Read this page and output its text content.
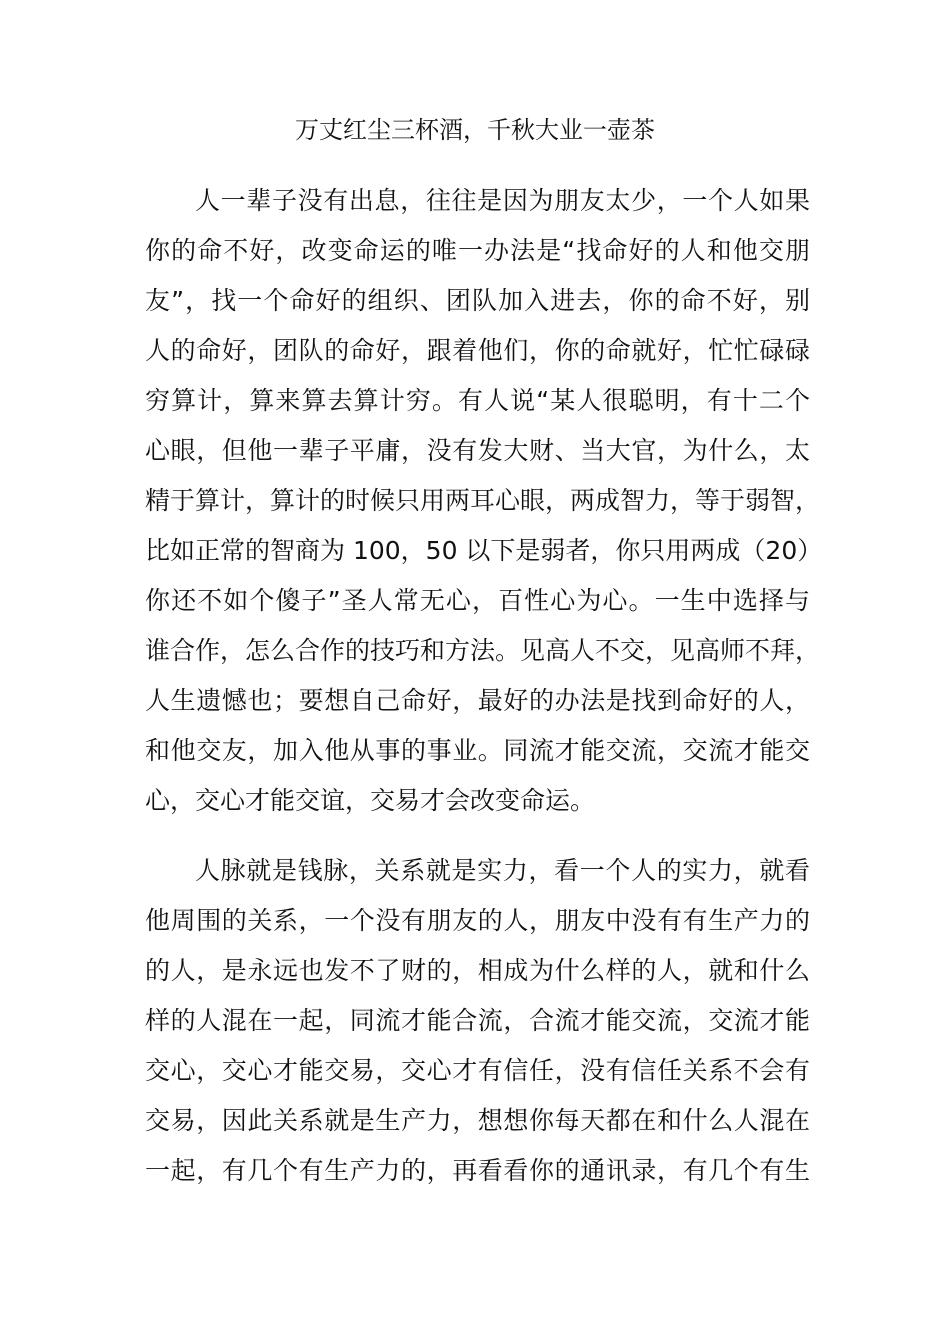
万丈红尘三杯酒，千秋大业一壶茶
人一辈子没有出息，往往是因为朋友太少，一个人如果
你的命不好，改变命运的唯一办法是“找命好的人和他交朋
友”，找一个命好的组织、团队加入进去，你的命不好，别
人的命好，团队的命好，跟着他们，你的命就好，忙忙碌碌
穷算计，算来算去算计穷。有人说“某人很聪明，有十二个
心眼，但他一辈子平庸，没有发大财、当大官，为什么，太
精于算计，算计的时候只用两耳心眼，两成智力，等于弱智，
比如正常的智商为 100，50 以下是弱者，你只用两成（20）
你还不如个傻子”圣人常无心，百性心为心。一生中选择与
谁合作，怎么合作的技巧和方法。见高人不交，见高师不拜，
人生遗憾也；要想自己命好，最好的办法是找到命好的人，
和他交友，加入他从事的事业。同流才能交流，交流才能交
心，交心才能交谊，交易才会改变命运。
人脉就是钱脉，关系就是实力，看一个人的实力，就看
他周围的关系，一个没有朋友的人，朋友中没有有生产力的
的人，是永远也发不了财的，相成为什么样的人，就和什么
样的人混在一起，同流才能合流，合流才能交流，交流才能
交心，交心才能交易，交心才有信任，没有信任关系不会有
交易，因此关系就是生产力，想想你每天都在和什么人混在
一起，有几个有生产力的，再看看你的通讯录，有几个有生
